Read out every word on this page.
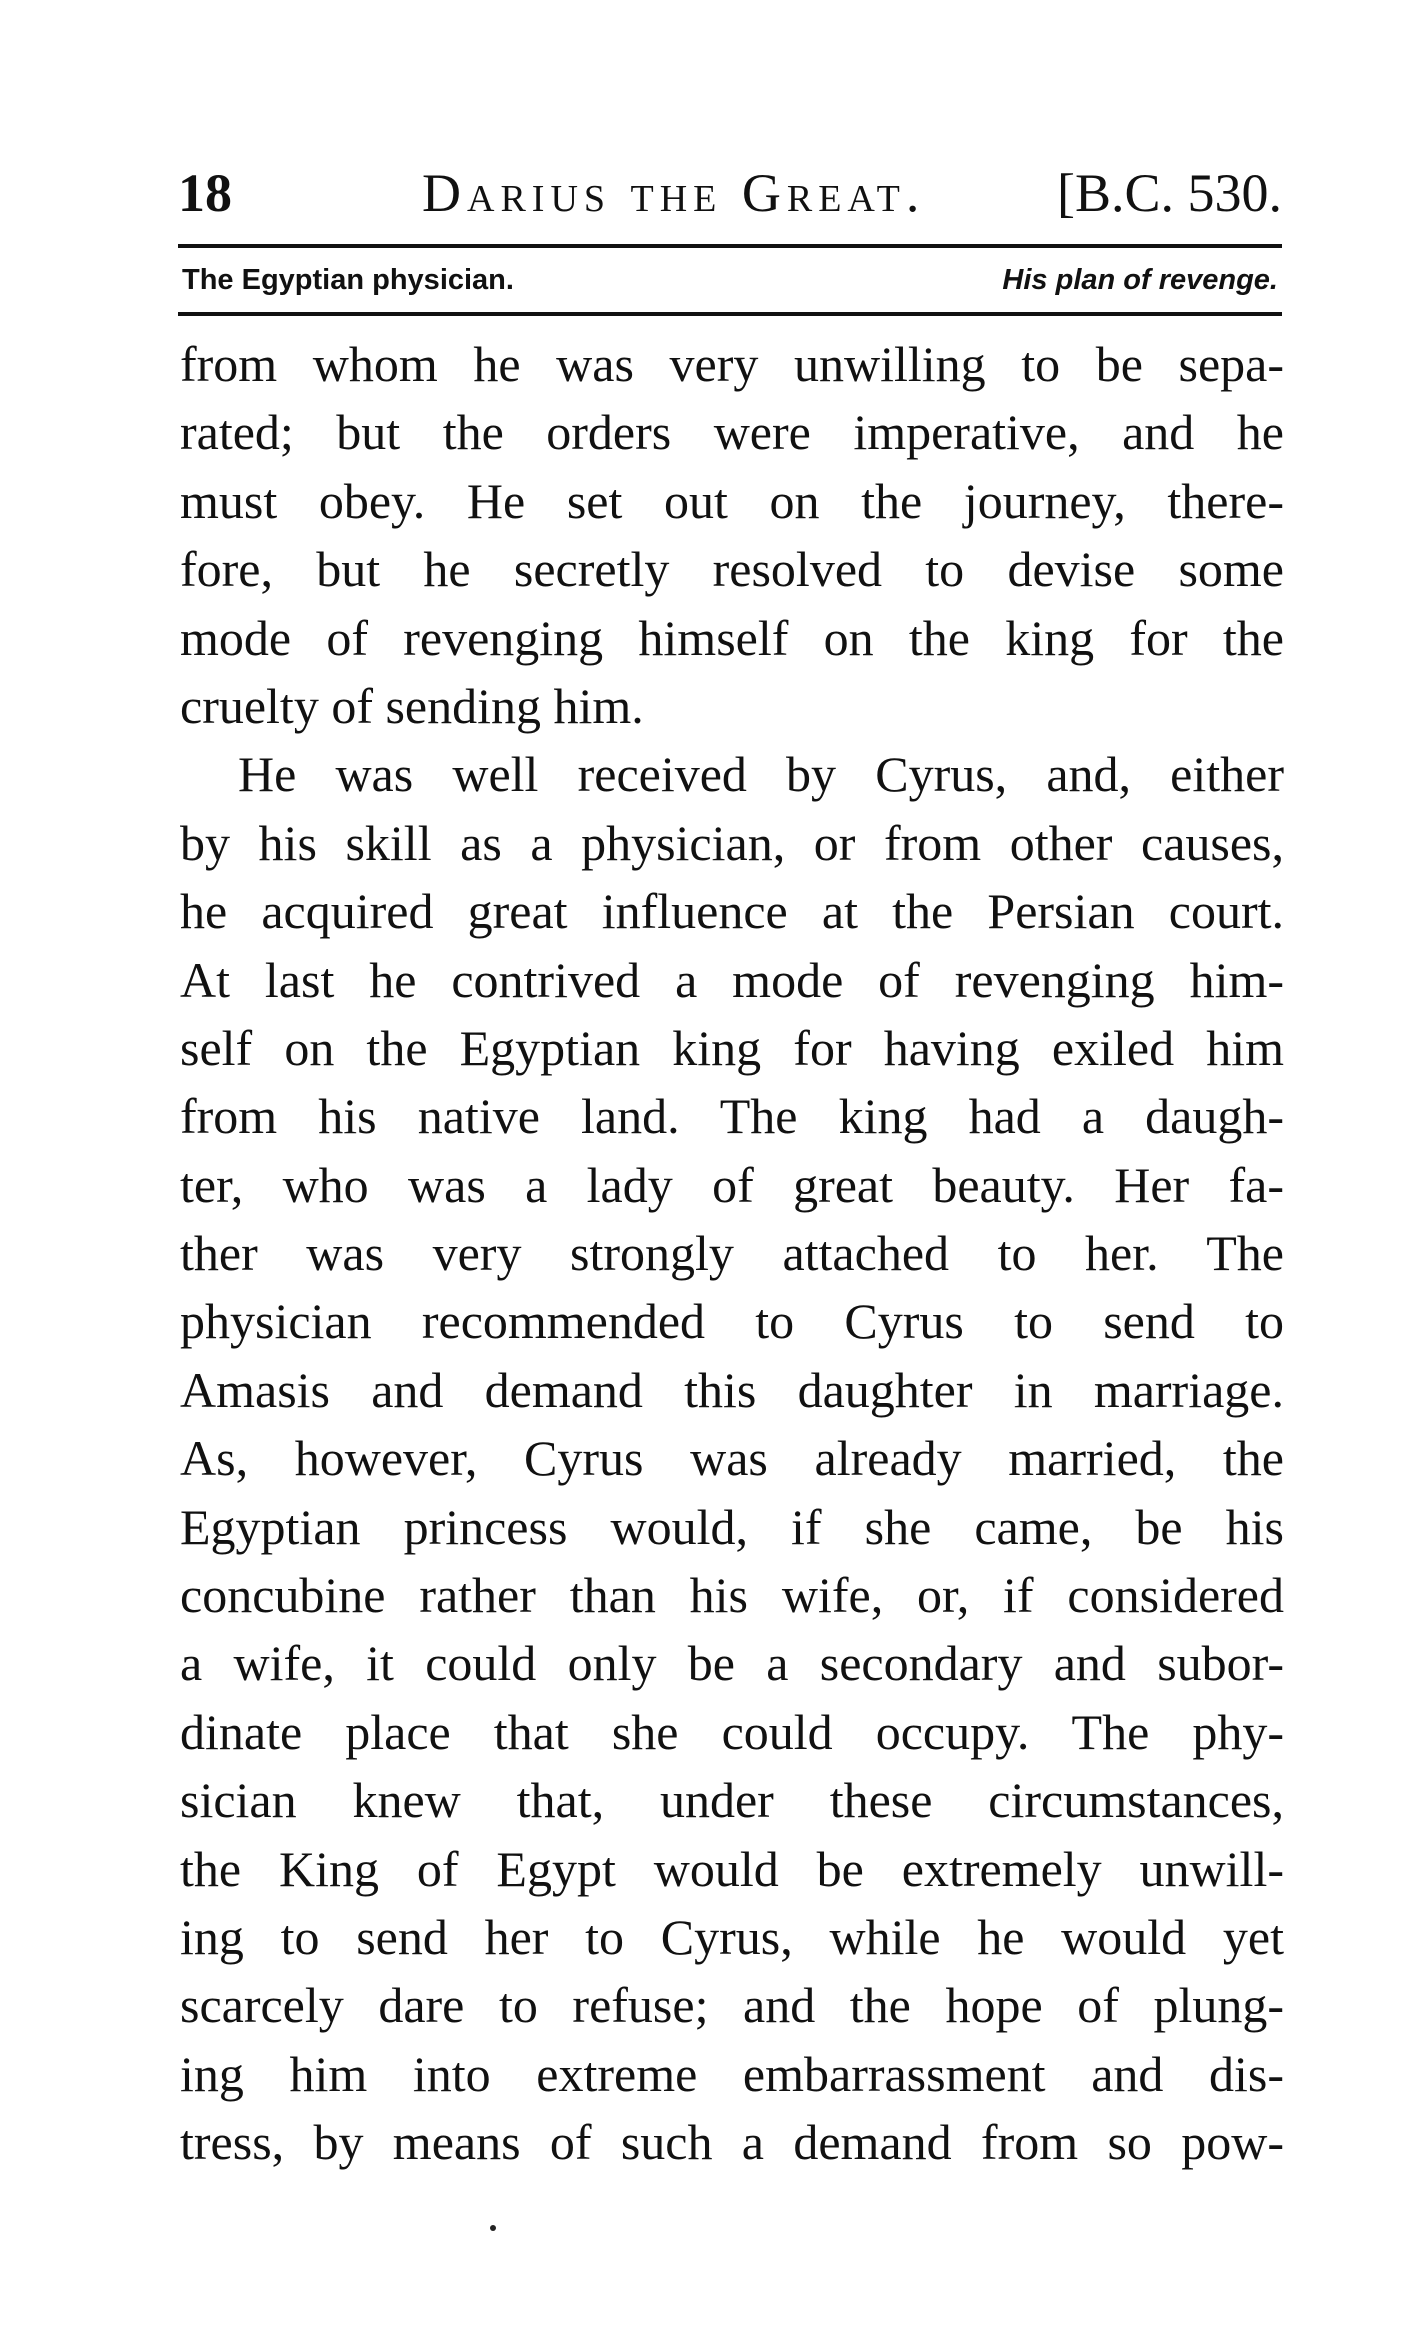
18	Darius the Great. [B.C. 530.
The Egyptian physician.	His plan of revenge.
from whom he was very unwilling to be sepa-
rated; but the orders were imperative, and he
must obey. He set out on the journey, there-
fore, but he secretly resolved to devise some
mode of revenging himself on the king for the
cruelty of sending him.
He was well received by Cyrus, and, either
by his skill as a physician, or from other causes,
he acquired great influence at the Persian court.
At last he contrived a mode of revenging him-
self on the Egyptian king for having exiled him
from his native land. The king had a daugh-
ter, who was a lady of great beauty. Her fa-
ther was very strongly attached to her. The
physician recommended to Cyrus to send to
Amasis and demand this daughter in marriage.
As, however, Cyrus was already married, the
Egyptian princess would, if she came, be his
concubine rather than his wife, or, if considered
a wife, it could only be a secondary and subor-
dinate place that she could occupy. The phy-
sician knew that, under these circumstances,
the King of Egypt would be extremely unwill-
ing to send her to Cyrus, while he would yet
scarcely dare to refuse; and the hope of plung-
ing him into extreme embarrassment and dis-
tress, by means of such a demand from so pow-
